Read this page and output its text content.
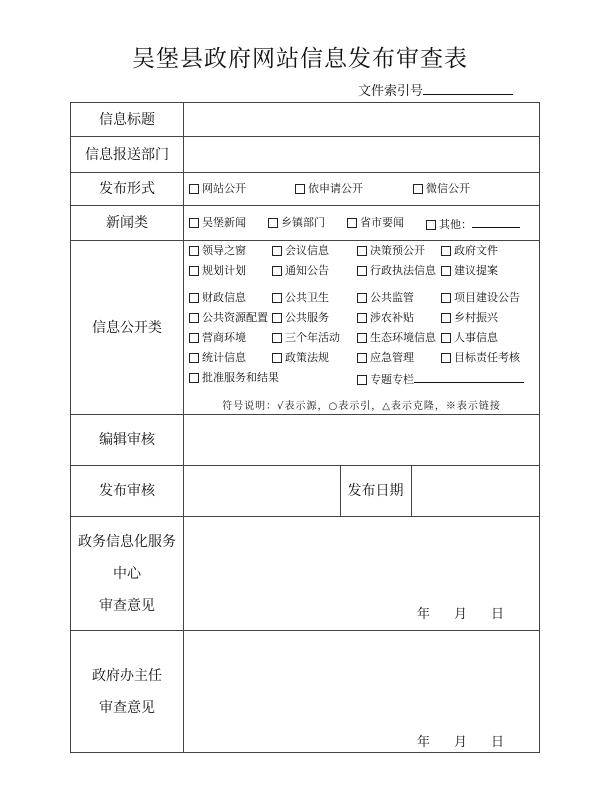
吴堡县政府网站信息发布审查表
文件索引号
信息标题
信息报送部门
发布形式	网站公开	依申请公开	微信公开
新闻类	吴堡新闻	乡镇部门	省市要闻	其他：
信息公开类
符号说明：√表示源，○表示引，△表示克隆，※表示链接
领导之窗	会议信息	决策预公开	政府文件
规划计划	通知公告	行政执法信息	建议提案
财政信息	公共卫生	公共监管	项目建设公告
公共资源配置	公共服务	涉农补贴	乡村振兴
营商环境	三个年活动	生态环境信息	人事信息
统计信息	政策法规	应急管理	目标责任考核
批准服务和结果	专题专栏
编辑审核
发布审核	发布日期
政务信息化服务
中心
审查意见
年 月 日
政府办主任
审查意见
年 月 日
